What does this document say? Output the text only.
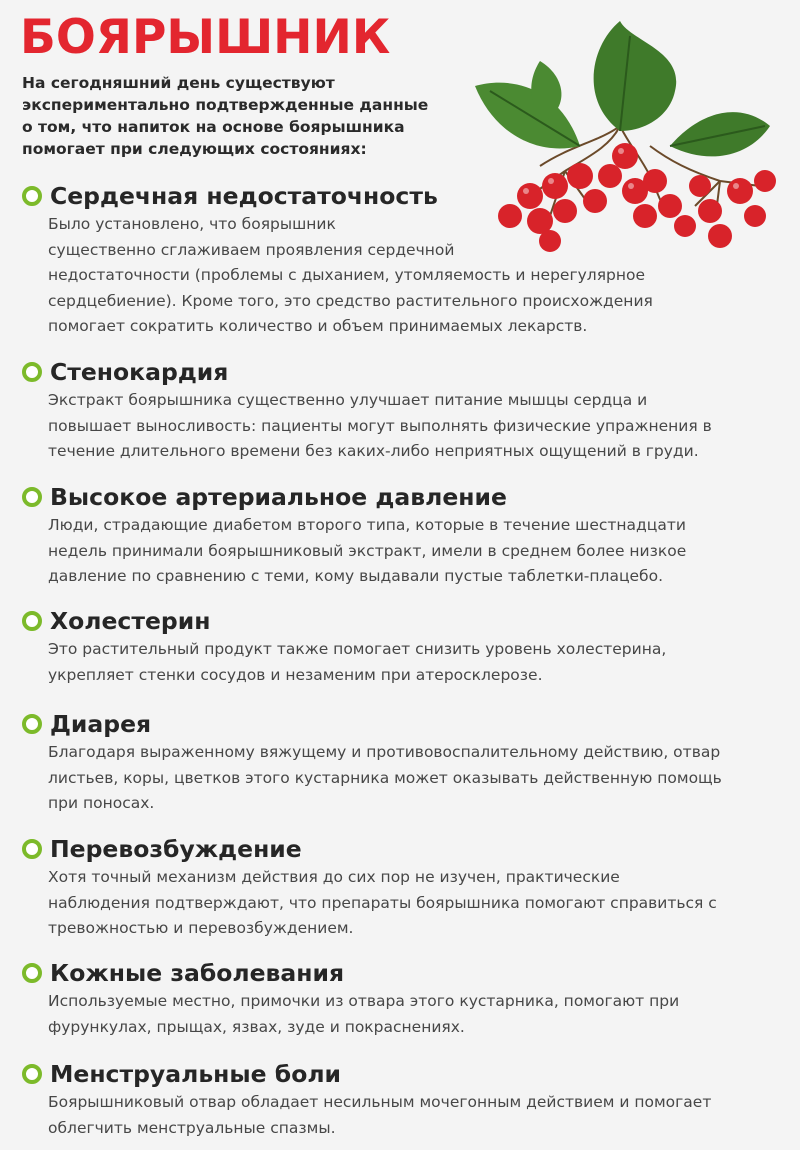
БОЯРЫШНИК
На сегодняшний день существуют
экспериментально подтвержденные данные
о том, что напиток на основе боярышника
помогает при следующих состояниях:
Сердечная недостаточность
Было установлено, что боярышник
существенно сглаживаем проявления сердечной
недостаточности (проблемы с дыханием, утомляемость и нерегулярное
сердцебиение). Кроме того, это средство растительного происхождения
помогает сократить количество и объем принимаемых лекарств.
Стенокардия
Экстракт боярышника существенно улучшает питание мышцы сердца и
повышает выносливость: пациенты могут выполнять физические упражнения в
течение длительного времени без каких-либо неприятных ощущений в груди.
Высокое артериальное давление
Люди, страдающие диабетом второго типа, которые в течение шестнадцати
недель принимали боярышниковый экстракт, имели в среднем более низкое
давление по сравнению с теми, кому выдавали пустые таблетки-плацебо.
Холестерин
Это растительный продукт также помогает снизить уровень холестерина,
укрепляет стенки сосудов и незаменим при атеросклерозе.
Диарея
Благодаря выраженному вяжущему и противовоспалительному действию, отвар
листьев, коры, цветков этого кустарника может оказывать действенную помощь
при поносах.
Перевозбуждение
Хотя точный механизм действия до сих пор не изучен, практические
наблюдения подтверждают, что препараты боярышника помогают справиться с
тревожностью и перевозбуждением.
Кожные заболевания
Используемые местно, примочки из отвара этого кустарника, помогают при
фурункулах, прыщах, язвах, зуде и покраснениях.
Менструальные боли
Боярышниковый отвар обладает несильным мочегонным действием и помогает
облегчить менструальные спазмы.
